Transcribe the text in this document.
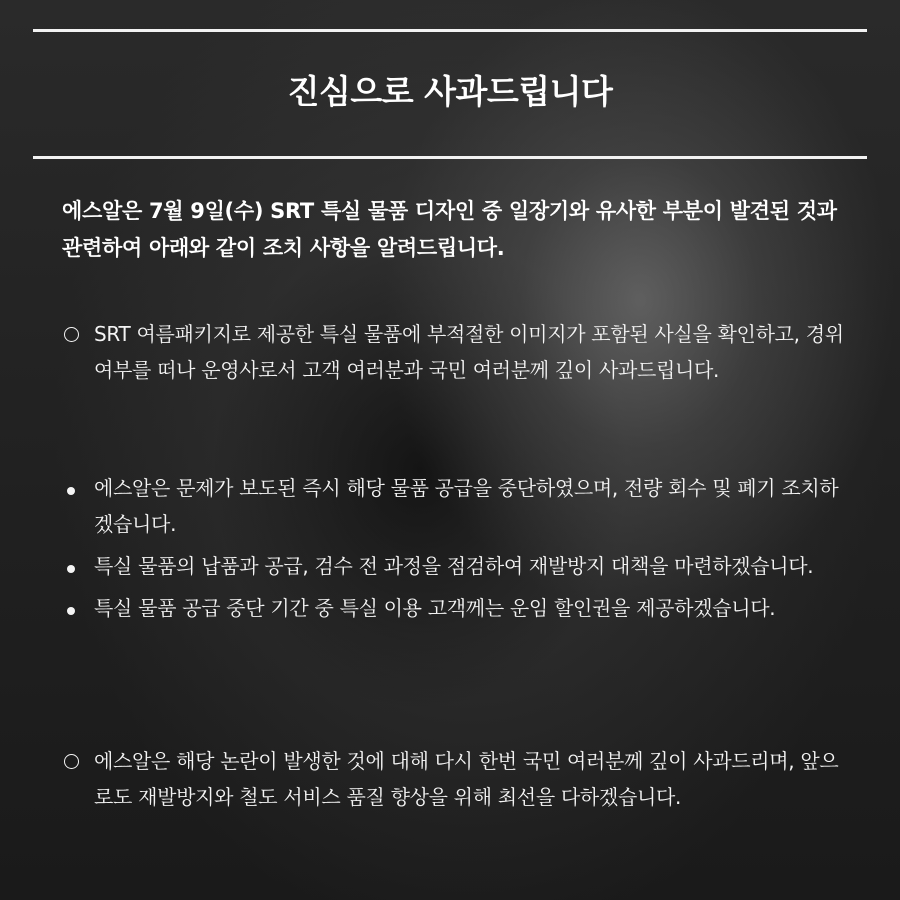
진심으로 사과드립니다

에스알은 7월 9일(수) SRT 특실 물품 디자인 중 일장기와 유사한 부분이 발견된 것과 관련하여 아래와 같이 조치 사항을 알려드립니다.

SRT 여름패키지로 제공한 특실 물품에 부적절한 이미지가 포함된 사실을 확인하고, 경위 여부를 떠나 운영사로서 고객 여러분과 국민 여러분께 깊이 사과드립니다.
에스알은 문제가 보도된 즉시 해당 물품 공급을 중단하였으며, 전량 회수 및 폐기 조치하겠습니다.
특실 물품의 납품과 공급, 검수 전 과정을 점검하여 재발방지 대책을 마련하겠습니다.
특실 물품 공급 중단 기간 중 특실 이용 고객께는 운임 할인권을 제공하겠습니다.
에스알은 해당 논란이 발생한 것에 대해 다시 한번 국민 여러분께 깊이 사과드리며, 앞으로도 재발방지와 철도 서비스 품질 향상을 위해 최선을 다하겠습니다.
